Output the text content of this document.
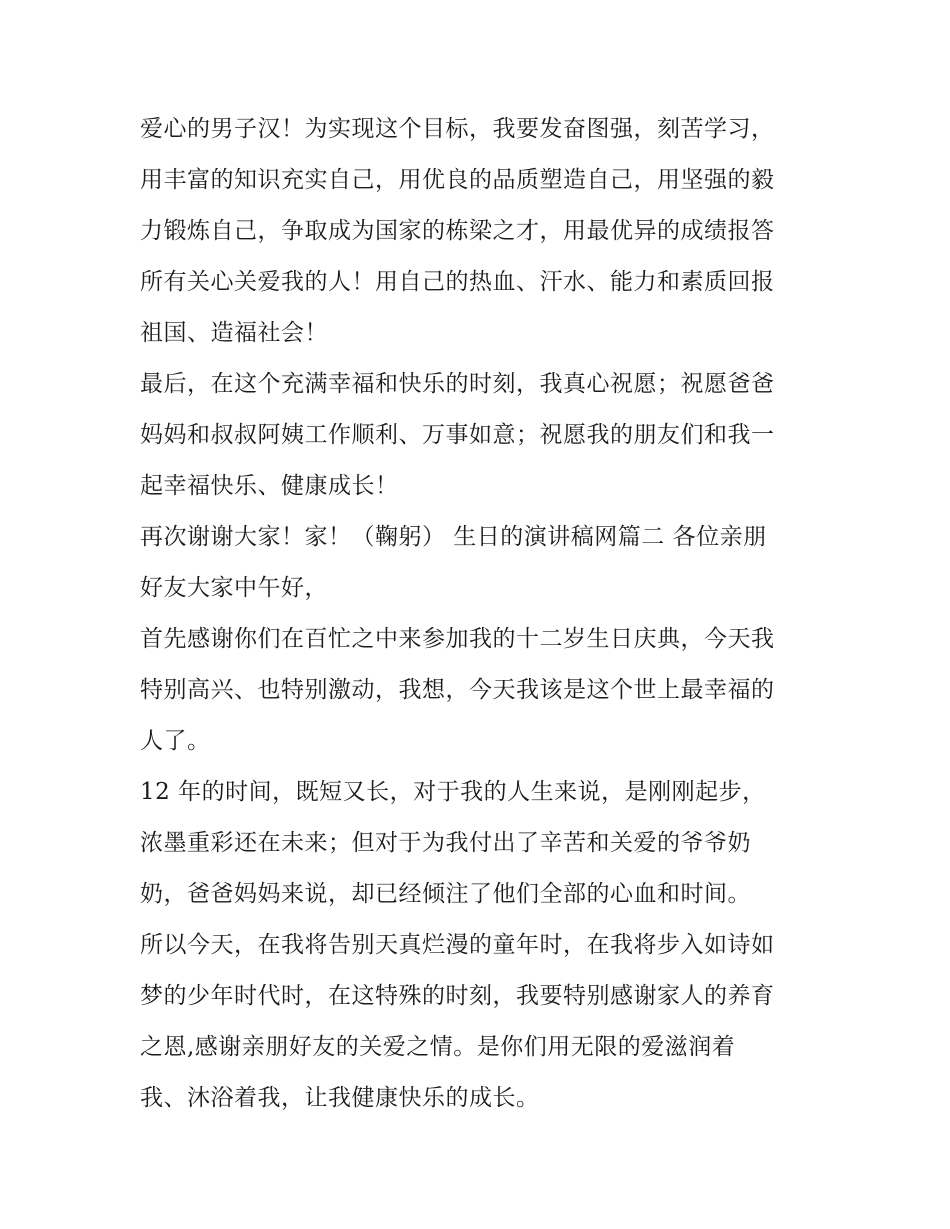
爱心的男子汉！为实现这个目标，我要发奋图强，刻苦学习，
用丰富的知识充实自己，用优良的品质塑造自己，用坚强的毅
力锻炼自己，争取成为国家的栋梁之才，用最优异的成绩报答
所有关心关爱我的人！用自己的热血、汗水、能力和素质回报
祖国、造福社会！
最后，在这个充满幸福和快乐的时刻，我真心祝愿；祝愿爸爸
妈妈和叔叔阿姨工作顺利、万事如意；祝愿我的朋友们和我一
起幸福快乐、健康成长！
再次谢谢大家！家！（鞠躬） 生日的演讲稿网篇二 各位亲朋
好友大家中午好，
首先感谢你们在百忙之中来参加我的十二岁生日庆典，今天我
特别高兴、也特别激动，我想，今天我该是这个世上最幸福的
人了。
12 年的时间，既短又长，对于我的人生来说，是刚刚起步，
浓墨重彩还在未来；但对于为我付出了辛苦和关爱的爷爷奶
奶，爸爸妈妈来说，却已经倾注了他们全部的心血和时间。
所以今天，在我将告别天真烂漫的童年时，在我将步入如诗如
梦的少年时代时，在这特殊的时刻，我要特别感谢家人的养育
之恩,感谢亲朋好友的关爱之情。是你们用无限的爱滋润着
我、沐浴着我，让我健康快乐的成长。
